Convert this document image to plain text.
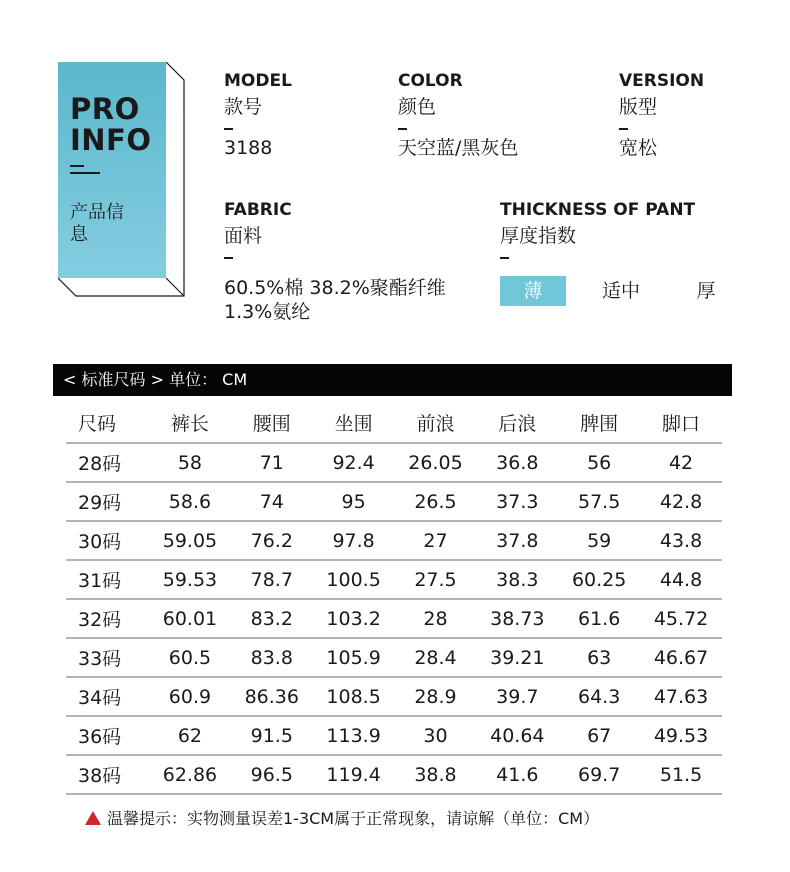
PRO
INFO
产品信息
MODEL
款号
3188
COLOR
颜色
天空蓝/黑灰色
VERSION
版型
宽松
FABRIC
面料
60.5%棉 38.2%聚酯纤维 1.3%氨纶
THICKNESS OF PANT
厚度指数
薄	适中	厚
< 标准尺码 > 单位： CM
尺码	裤长	腰围	坐围	前浪	后浪	脾围	脚口
28码	58	71	92.4	26.05	36.8	56	42
29码	58.6	74	95	26.5	37.3	57.5	42.8
30码	59.05	76.2	97.8	27	37.8	59	43.8
31码	59.53	78.7	100.5	27.5	38.3	60.25	44.8
32码	60.01	83.2	103.2	28	38.73	61.6	45.72
33码	60.5	83.8	105.9	28.4	39.21	63	46.67
34码	60.9	86.36	108.5	28.9	39.7	64.3	47.63
36码	62	91.5	113.9	30	40.64	67	49.53
38码	62.86	96.5	119.4	38.8	41.6	69.7	51.5
温馨提示：实物测量误差1-3CM属于正常现象，请谅解（单位：CM）
